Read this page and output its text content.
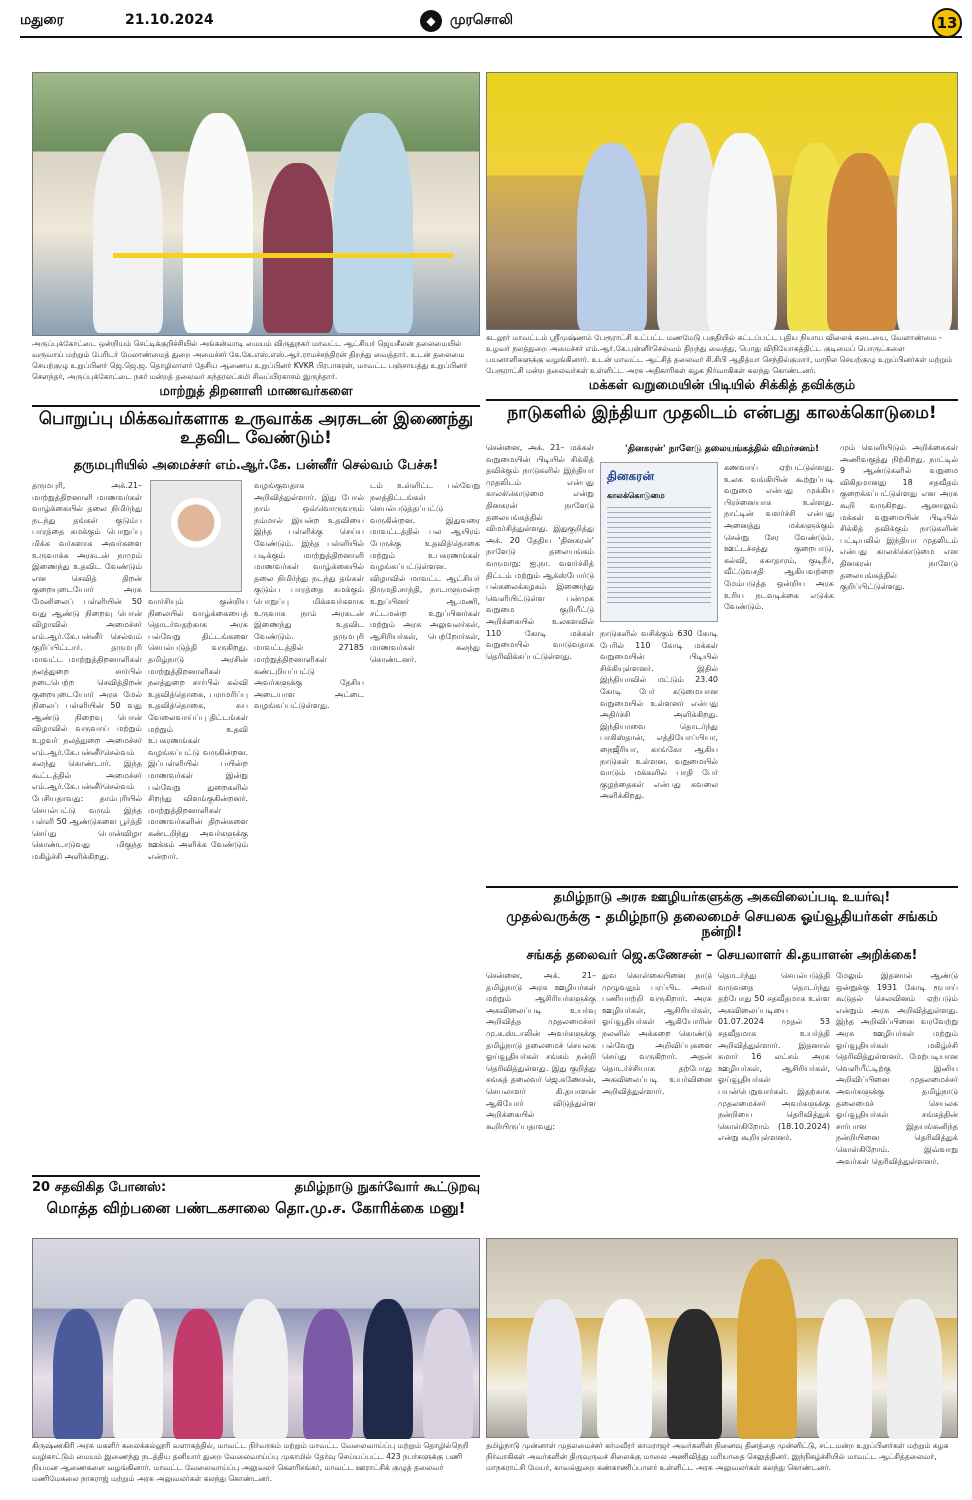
மதுரை	21.10.2024	◆	முரசொலி	13
அருப்புக்கோட்டை ஒன்றியம் செட்டிக்குறிச்சியில் அங்கன்வாடி மையம் விருதுநகர் மாவட்ட ஆட்சியர் ஜெயசீலன் தலைமையில் வருவாய் மற்றும் பேரிடர் மேலாண்மைத் துறை அமைச்சர் கே.கே.எஸ்.எஸ்.ஆர்.ராமச்சந்திரன் திறந்து வைத்தார். உடன் தலைமை செயற்குழு உறுப்பினர் ஜெ.ஜெ.ஜ. தொழிலாளர் தேசிய ஆணைய உறுப்பினர் KVKR பிரபாகரன், மாவட்ட பஞ்சாயத்து உறுப்பினர் சௌந்தர், அருப்புக்கோட்டை நகர் மன்றத் தலைவர் சுந்தரலட்சுமி சிவப்பிரகாசம் இருந்தார்.
கடலூர் மாவட்டம் ஸ்ரீமுஷ்ணம் பேரூராட்சி உட்பட்ட மணமேடு பகுதியில் கட்டப்பட்ட புதிய நியாய விலைக் கடையை, வேளாண்மை - உழவர் நலத்துறை அமைச்சர் எம்.ஆர்.கே.பன்னீர்செல்வம் திறந்து வைத்து, பொது விநியோகத்திட்ட குடிமைப் பொருட்களை பயனாளிகளுக்கு வழங்கினார். உடன் மாவட்ட ஆட்சித் தலைவர் சி.சிபி ஆதித்யா செந்தில்குமார், மாநில செயற்குழு உறுப்பினர்கள் மற்றும் பேரூராட்சி மன்ற தலைவர்கள் உள்ளிட்ட அரசு அதிகாரிகள் கழக நிர்வாகிகள் கலந்து கொண்டனர்.
மாற்றுத் திறனாளி மாணவர்களை
பொறுப்பு மிக்கவர்களாக உருவாக்க அரசுடன் இணைந்து உதவிட வேண்டும்!
தருமபுரியில் அமைச்சர் எம்.ஆர்.கே. பன்னீர் செல்வம் பேச்சு!
தருமபுரி, அக்.21– மாற்றுத்திறனாளி மாணவர்கள் வாழ்க்கையில் தலை நிமிர்ந்து நடந்து தங்கள் குடும்ப பாரத்தை சுமக்கும் பொறுப்பு மிக்க வர்களாக அவர்களை உருவாக்க அரசுடன் நாமும் இணைந்து உதவிட வேண்டும் என செவித் திறன் குறையுடையோர் அரசு மேனிலைப் பள்ளியின் 50 வது ஆண்டு நிறைவு பொன் விழாவில் அமைச்சர் எம்.ஆர்.கே.பன்னீர் செல்வம் குறிப்பிட்டார். தருமபுரி மாவட்ட மாற்றுத்திறனாளிகள் நலத்துறை சார்பில் நடைபெற்ற செவித்திறன் குறையுடையோர் அரசு மேல் நிலைப் பள்ளியின் 50 வது ஆண்டு நிறைவு பொன் விழாவில் வருவாய் மற்றும் உழவர் நலத்துறை அமைச்சர் எம்.ஆர்.கே.பன்னீர்செல்வம் கலந்து கொண்டார். இந்த கூட்டத்தில் அமைச்சர் எம்.ஆர்.கே.பன்னீர்செல்வம் பேசியதாவது: தாம்புரியில் செயல்பட்டு வரும் இந்த பள்ளி 50 ஆண்டுகளை பூர்த்தி செய்து பொன்விழா கொண்டாடுவது மிகுந்த மகிழ்ச்சி அளிக்கிறது.
வார்சியும் குன்றிய நிலையில் வாழ்க்கையைத் தொடர்வதற்காக அரசு பல்வேறு திட்டங்களை செயல்படுத்தி வருகிறது. தமிழ்நாடு அரசின் மாற்றுத்திறனாளிகள் நலத்துறை சார்பில் கல்வி உதவித்தொகை, பராமரிப்பு உதவித்தொகை, சுய வேலைவாய்ப்பு திட்டங்கள் மற்றும் உதவி உபகரணங்கள் வழங்கப்பட்டு வருகின்றன. இப்பள்ளியில் பயின்ற மாணவர்கள் இன்று பல்வேறு துறைகளில் சிறந்து விளங்குகின்றனர். மாற்றுத்திறனாளிகள் மாணவர்களின் திறன்களை கண்டறிந்து அவர்களுக்கு ஊக்கம் அளிக்க வேண்டும் என்றார்.
வழங்குவதாக அறிவித்துள்ளார். இது போல் நாம் ஒவ்வொருவரும் நம்மால் இயன்ற உதவியை இந்த பள்ளிக்கு செய்ய வேண்டும். இந்த பள்ளியில் படிக்கும் மாற்றுத்திறனாளி மாணவர்கள் வாழ்க்கையில் தலை நிமிர்ந்து நடந்து தங்கள் குடும்ப பாரத்தை சுமக்கும் பொறுப்பு மிக்கவர்களாக உருவாக நாம் அரசுடன் இணைந்து உதவிட வேண்டும். தருமபுரி மாவட்டத்தில் 27185 மாற்றுத்திறனாளிகள் கண்டறியப்பட்டு அவர்களுக்கு தேசிய அடையாள அட்டை வழங்கப்பட்டுள்ளது.
டம் உள்ளிட்ட பல்வேறு நலத்திட்டங்கள் செயல்படுத்தப்பட்டு வருகின்றன. இதுவரை மாவட்டத்தில் பல ஆயிரம் பேருக்கு உதவித்தொகை மற்றும் உபகரணங்கள் வழங்கப்பட்டுள்ளன. விழாவில் மாவட்ட ஆட்சியர் திருமதி.சாந்தி, நாடாளுமன்ற உறுப்பினர் ஆ.மணி, சட்டமன்ற உறுப்பினர்கள் மற்றும் அரசு அலுவலர்கள், ஆசிரியர்கள், பெற்றோர்கள், மாணவர்கள் கலந்து கொண்டனர்.
20 சதவிகித போனஸ்:	தமிழ்நாடு நுகர்வோர் கூட்டுறவு
மொத்த விற்பனை பண்டகசாலை தொ.மு.ச. கோரிக்கை மனு!
மக்கள் வறுமையின் பிடியில் சிக்கித் தவிக்கும்
நாடுகளில் இந்தியா முதலிடம் என்பது காலக்கொடுமை!
சென்னை, அக். 21– மக்கள் வறுமையின் பிடியில் சிக்கித் தவிக்கும் நாடுகளில் இந்தியா முதலிடம் என்பது காலக்கொடுமை என்று தினகரன் நாளேடு தலையங்கத்தில் விமர்சித்துள்ளது. இதுகுறித்து அக். 20 தேதிய 'தினகரன்' நாளேடு தலையங்கம் வருமாறு: ஐ.நா. வளர்ச்சித் திட்டம் மற்றும் ஆக்ஸ்போர்டு பல்கலைக்கழகம் இணைந்து வெளியிட்டுள்ள பன்முக வறுமை குறியீட்டு அறிக்கையில் உலகளவில் 110 கோடி மக்கள் வறுமையில் வாடுவதாக தெரிவிக்கப்பட்டுள்ளது.
'தினகரன்' நாளேடு தலையங்கத்தில் விமர்சனம்!
தினகரன்
காலக்கொடுமை
நாடுகளில் வசிக்கும் 630 கோடி பேரில் 110 கோடி மக்கள் வறுமையின் பிடியில் சிக்கியுள்ளனர். இதில் இந்தியாவில் மட்டும் 23.40 கோடி பேர் கடுமையான வறுமையில் உள்ளனர் என்பது அதிர்ச்சி அளிக்கிறது. இந்தியாவை தொடர்ந்து பாகிஸ்தான், எத்தியோப்பியா, நைஜீரியா, காங்கோ ஆகிய நாடுகள் உள்ளன. வறுமையில் வாடும் மக்களில் பாதி பேர் குழந்தைகள் என்பது கவலை அளிக்கிறது.
கணவாய் ஏற்பட்டுள்ளது. உலக வங்கியின் கூற்றுப்படி வறுமை என்பது முக்கிய பிரச்னையாக உள்ளது. நாட்டின் வளர்ச்சி என்பது அனைத்து மக்களுக்கும் சென்று சேர வேண்டும். ஊட்டச்சத்து குறைபாடு, கல்வி, சுகாதாரம், குடிநீர், வீட்டுவசதி ஆகியவற்றை மேம்படுத்த ஒன்றிய அரசு உரிய நடவடிக்கை எடுக்க வேண்டும்.
மும் வெளியிடும் அறிக்கைகள் அணிவகுத்து நிற்கிறது. நாட்டில் 9 ஆண்டுகளில் வறுமை விகிதமானது 18 சதவீதம் குறைக்கப்பட்டுள்ளது என அரசு கூறி வருகிறது. ஆனாலும் மக்கள் வறுமையின் பிடியில் சிக்கித் தவிக்கும் நாடுகளின் பட்டியலில் இந்தியா முதலிடம் என்பது காலக்கொடுமை என தினகரன் நாளேடு தலையங்கத்தில் குறிப்பிட்டுள்ளது.
தமிழ்நாடு அரசு ஊழியர்களுக்கு அகவிலைப்படி உயர்வு!
முதல்வருக்கு - தமிழ்நாடு தலைமைச் செயலக ஓய்வூதியர்கள் சங்கம் நன்றி!
சங்கத் தலைவர் ஜெ.கணேசன் – செயலாளர் கி.தயாளன் அறிக்கை!
சென்னை, அக். 21– தமிழ்நாடு அரசு ஊழியர்கள் மற்றும் ஆசிரியர்களுக்கு அகவிலைப்படி உயர்வு அறிவித்த முதலமைச்சர் மு.க.ஸ்டாலின் அவர்களுக்கு தமிழ்நாடு தலைமைச் செயலக ஓய்வூதியர்கள் சங்கம் நன்றி தெரிவித்துள்ளது. இது குறித்து சங்கத் தலைவர் ஜெ.கணேசன், செயலாளர் கி.தயாளன் ஆகியோர் விடுத்துள்ள அறிக்கையில் கூறியிருப்பதாவது:
துவ கொள்கையினை நாடு முழுவதும் பரப்பிட அவர் பணியாற்றி வருகிறார். அரசு ஊழியர்கள், ஆசிரியர்கள், ஓய்வூதியர்கள் ஆகியோரின் நலனில் அக்கறை கொண்டு பல்வேறு அறிவிப்புகளை செய்து வருகிறார். அதன் தொடர்ச்சியாக தற்போது அகவிலைப்படி உயர்வினை அறிவித்துள்ளார்.
தொடர்ந்து செயல்படுத்தி வருவதை தொடர்ந்து தற்போது 50 சதவீதமாக உள்ள அகவிலைப்படியை 01.07.2024 முதல் 53 சதவீதமாக உயர்த்தி அறிவித்துள்ளார். இதனால் சுமார் 16 லட்சம் அரசு ஊழியர்கள், ஆசிரியர்கள், ஓய்வூதியர்கள் பயன்பெறுவார்கள். இதற்காக முதலமைச்சர் அவர்களுக்கு நன்றியை தெரிவித்துக் கொள்கிறோம் (18.10.2024) என்று கூறியுள்ளனர்.
மேலும் இதனால் ஆண்டு ஒன்றுக்கு 1931 கோடி ரூபாய் கூடுதல் செலவினம் ஏற்படும் என்றும் அரசு அறிவித்துள்ளது. இந்த அறிவிப்பினை வரவேற்று அரசு ஊழியர்கள் மற்றும் ஓய்வூதியர்கள் மகிழ்ச்சி தெரிவித்துள்ளனர். மேற்படியான வெளியீட்டிற்கு இனிய அறிவிப்பினை முதலமைச்சர் அவர்களுக்கு தமிழ்நாடு தலைமைச் செயலக ஓய்வூதியர்கள் சங்கத்தின் சார்பான இதயங்கனிந்த நன்றியினை தெரிவித்துக் கொள்கிறோம். இவ்வாறு அவர்கள் தெரிவித்துள்ளனர்.
கிருஷ்ணகிரி அரசு மகளிர் கலைக்கல்லூரி வளாகத்தில், மாவட்ட நிர்வாகம் மற்றும் மாவட்ட வேலைவாய்ப்பு மற்றும் தொழில்நெறி வழிகாட்டும் மையம் இணைந்து நடத்திய தனியார் துறை வேலைவாய்ப்பு முகாமில் தேர்வு செய்யப்பட்ட 423 நபர்களுக்கு பணி நியமன ஆணைகளை வழங்கினார். மாவட்ட வேலைவாய்ப்பு அலுவலர் கௌரிசங்கர், மாவட்ட ஊராட்சிக் குழுத் தலைவர் மணிமேகலை நாகராஜ் மற்றும் அரசு அலுவலர்கள் கலந்து கொண்டனர்.
தமிழ்நாடு முன்னாள் முதலமைச்சர் கர்மவீரர் காமராஜர் அவர்களின் நினைவு தினத்தை முன்னிட்டு, சட்டமன்ற உறுப்பினர்கள் மற்றும் கழக நிர்வாகிகள் அவர்களின் திருவுருவச் சிலைக்கு மாலை அணிவித்து மரியாதை செலுத்தினர். இந்நிகழ்ச்சியில் மாவட்ட ஆட்சித்தலைவர், மாநகராட்சி மேயர், காவல்துறை கண்காணிப்பாளர் உள்ளிட்ட அரசு அலுவலர்கள் கலந்து கொண்டனர்.
